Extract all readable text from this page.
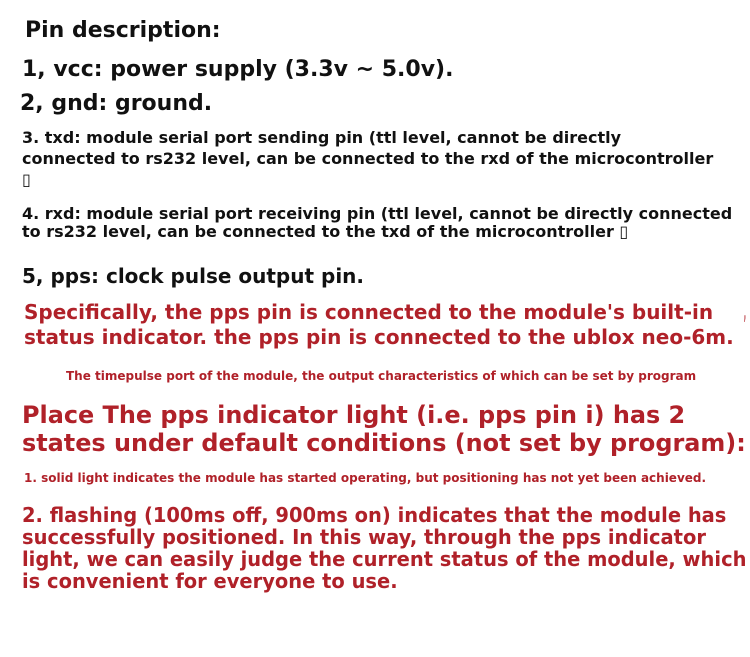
Pin description:

1, vcc: power supply (3.3v ~ 5.0v).

2, gnd: ground.

3. txd: module serial port sending pin (ttl level, cannot be directly
connected to rs232 level, can be connected to the rxd of the microcontroller
▯
4. rxd: module serial port receiving pin (ttl level, cannot be directly connected
to rs232 level, can be connected to the txd of the microcontroller ▯

5, pps: clock pulse output pin.

Specifically, the pps pin is connected to the module's built-in
status indicator. the pps pin is connected to the ublox neo-6m.
,

The timepulse port of the module, the output characteristics of which can be set by program

Place The pps indicator light (i.e. pps pin i) has 2
states under default conditions (not set by program):

1. solid light indicates the module has started operating, but positioning has not yet been achieved.

2. flashing (100ms off, 900ms on) indicates that the module has
successfully positioned. In this way, through the pps indicator
light, we can easily judge the current status of the module, which
is convenient for everyone to use.
